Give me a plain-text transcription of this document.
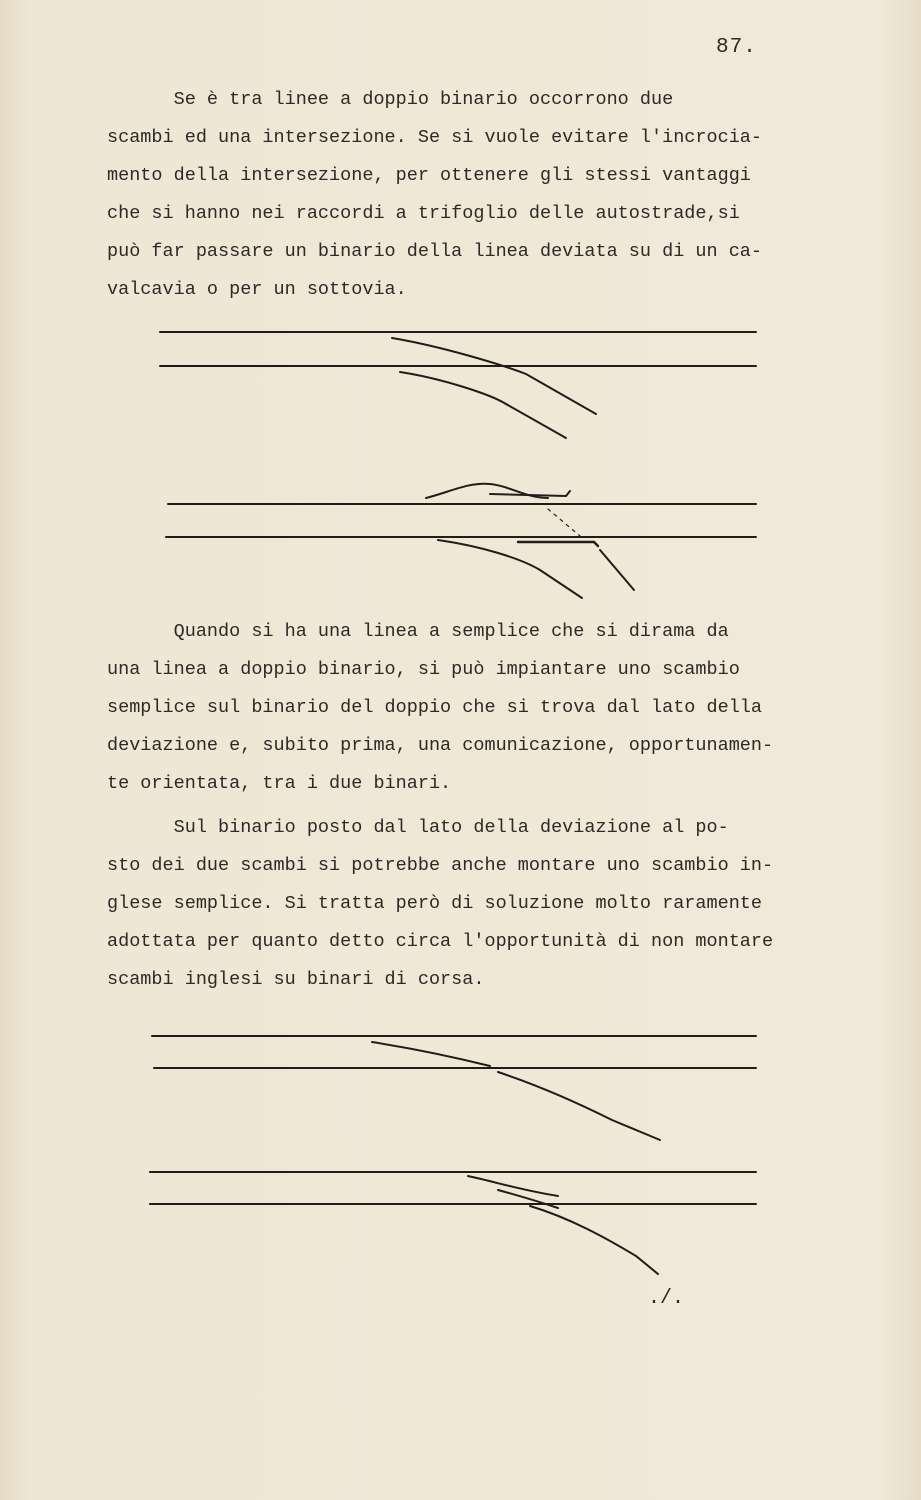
87.
Se è tra linee a doppio binario occorrono due
scambi ed una intersezione. Se si vuole evitare l'incrocia-
mento della intersezione, per ottenere gli stessi vantaggi
che si hanno nei raccordi a trifoglio delle autostrade,si
può far passare un binario della linea deviata su di un ca-
valcavia o per un sottovia.
Quando si ha una linea a semplice che si dirama da
una linea a doppio binario, si può impiantare uno scambio
semplice sul binario del doppio che si trova dal lato della
deviazione e, subito prima, una comunicazione, opportunamen-
te orientata, tra i due binari.
Sul binario posto dal lato della deviazione al po-
sto dei due scambi si potrebbe anche montare uno scambio in-
glese semplice. Si tratta però di soluzione molto raramente
adottata per quanto detto circa l'opportunità di non montare
scambi inglesi su binari di corsa.
./.
